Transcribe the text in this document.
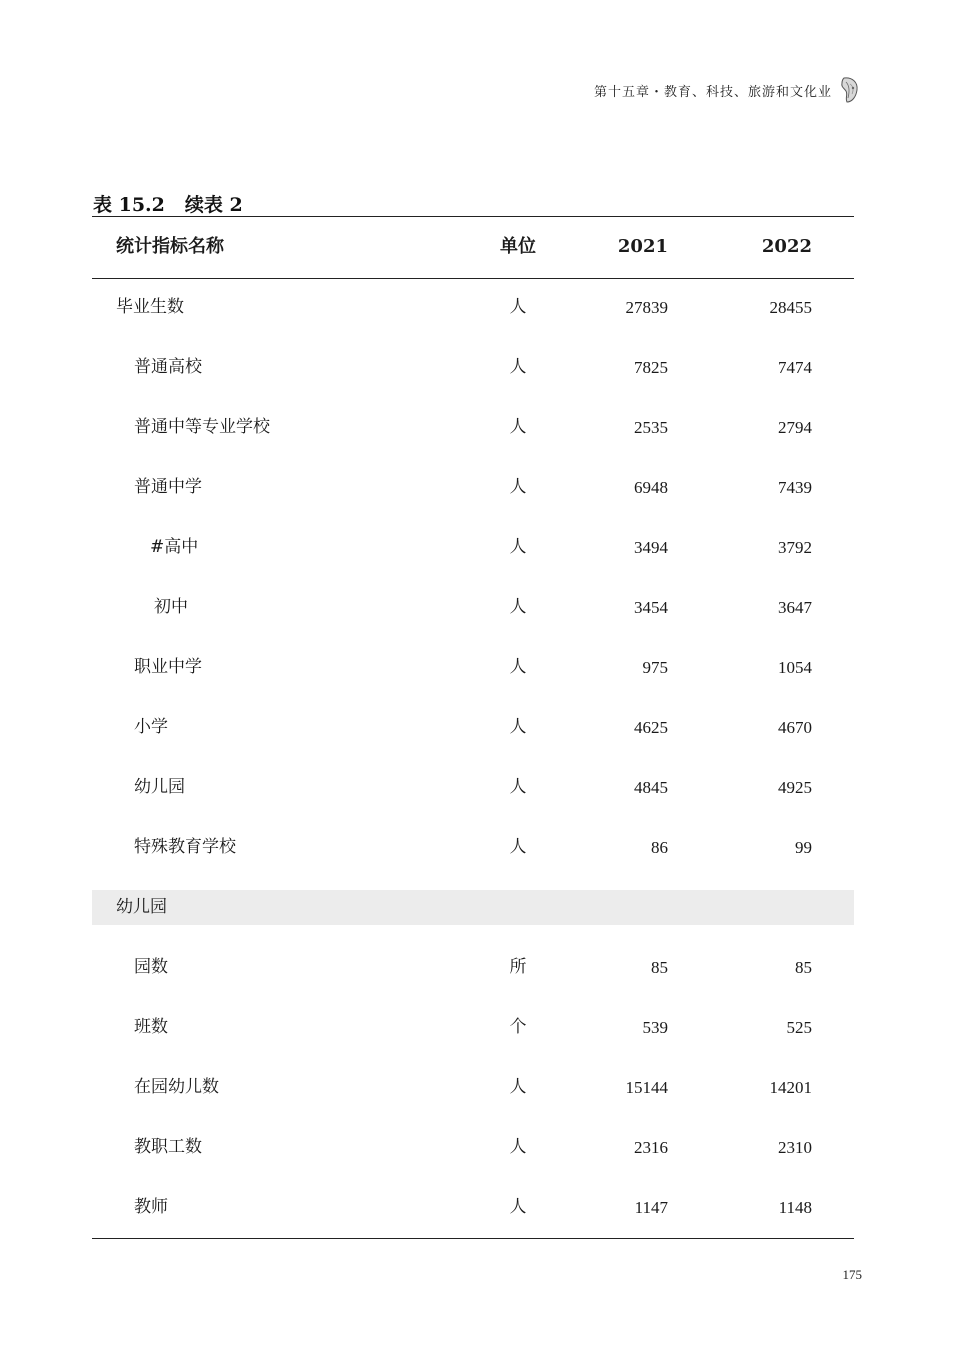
第十五章・教育、科技、旅游和文化业
表 15.2 续表 2
统计指标名称	单位	2021	2022
毕业生数	人	27839	28455
普通高校	人	7825	7474
普通中等专业学校	人	2535	2794
普通中学	人	6948	7439
#高中	人	3494	3792
初中	人	3454	3647
职业中学	人	975	1054
小学	人	4625	4670
幼儿园	人	4845	4925
特殊教育学校	人	86	99
幼儿园
园数	所	85	85
班数	个	539	525
在园幼儿数	人	15144	14201
教职工数	人	2316	2310
教师	人	1147	1148
175
